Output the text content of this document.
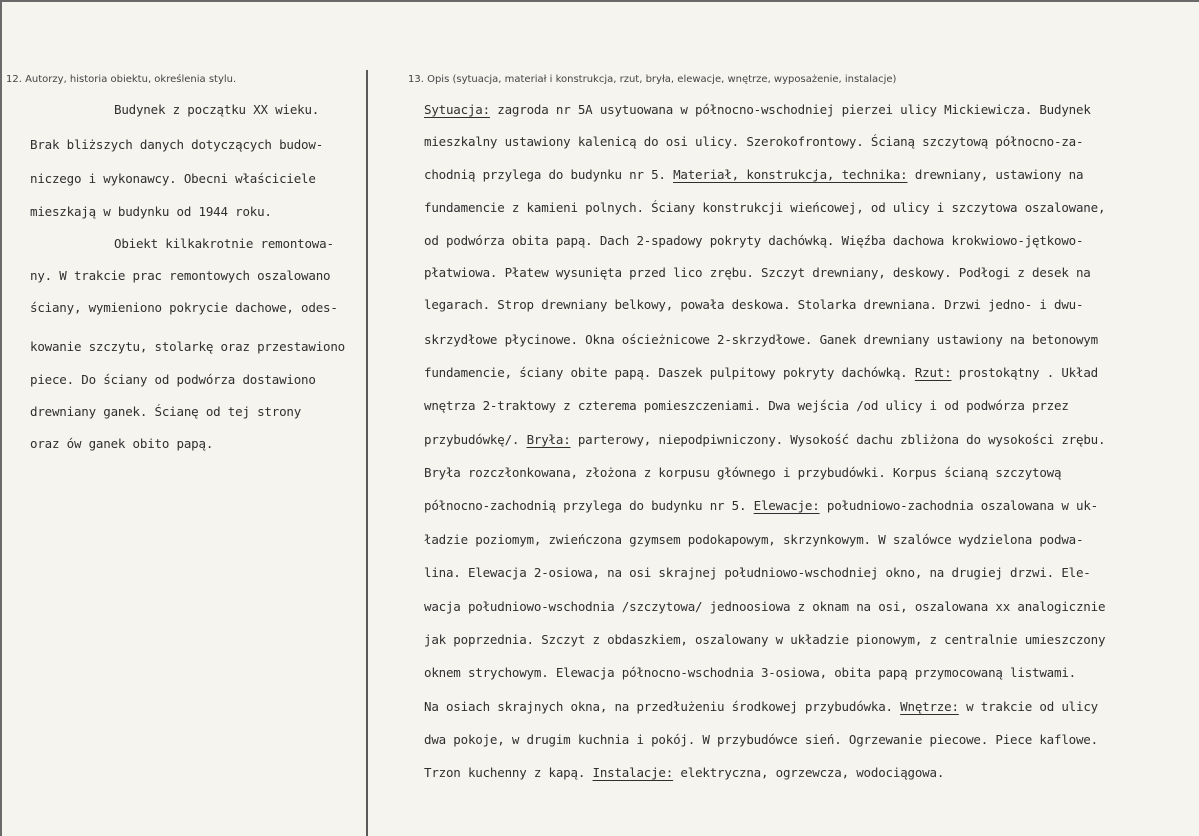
12. Autorzy, historia obiektu, określenia stylu.	13. Opis (sytuacja, materiał i konstrukcja, rzut, bryła, elewacje, wnętrze, wyposażenie, instalacje)
Budynek z początku XX wieku.
Brak bliższych danych dotyczących budow-
niczego i wykonawcy. Obecni właściciele
mieszkają w budynku od 1944 roku.
Obiekt kilkakrotnie remontowa-
ny. W trakcie prac remontowych oszalowano
ściany, wymieniono pokrycie dachowe, odes-
kowanie szczytu, stolarkę oraz przestawiono
piece. Do ściany od podwórza dostawiono
drewniany ganek. Ścianę od tej strony
oraz ów ganek obito papą.
Sytuacja: zagroda nr 5A usytuowana w północno-wschodniej pierzei ulicy Mickiewicza. Budynek
mieszkalny ustawiony kalenicą do osi ulicy. Szerokofrontowy. Ścianą szczytową północno-za-
chodnią przylega do budynku nr 5. Materiał, konstrukcja, technika: drewniany, ustawiony na
fundamencie z kamieni polnych. Ściany konstrukcji wieńcowej, od ulicy i szczytowa oszalowane,
od podwórza obita papą. Dach 2-spadowy pokryty dachówką. Więźba dachowa krokwiowo-jętkowo-
płatwiowa. Płatew wysunięta przed lico zrębu. Szczyt drewniany, deskowy. Podłogi z desek na
legarach. Strop drewniany belkowy, powała deskowa. Stolarka drewniana. Drzwi jedno- i dwu-
skrzydłowe płycinowe. Okna ościeżnicowe 2-skrzydłowe. Ganek drewniany ustawiony na betonowym
fundamencie, ściany obite papą. Daszek pulpitowy pokryty dachówką. Rzut: prostokątny . Układ
wnętrza 2-traktowy z czterema pomieszczeniami. Dwa wejścia /od ulicy i od podwórza przez
przybudówkę/. Bryła: parterowy, niepodpiwniczony. Wysokość dachu zbliżona do wysokości zrębu.
Bryła rozczłonkowana, złożona z korpusu głównego i przybudówki. Korpus ścianą szczytową
północno-zachodnią przylega do budynku nr 5. Elewacje: południowo-zachodnia oszalowana w uk-
ładzie poziomym, zwieńczona gzymsem podokapowym, skrzynkowym. W szalówce wydzielona podwa-
lina. Elewacja 2-osiowa, na osi skrajnej południowo-wschodniej okno, na drugiej drzwi. Ele-
wacja południowo-wschodnia /szczytowa/ jednoosiowa z oknam na osi, oszalowana xx analogicznie
jak poprzednia. Szczyt z obdaszkiem, oszalowany w układzie pionowym, z centralnie umieszczony
oknem strychowym. Elewacja północno-wschodnia 3-osiowa, obita papą przymocowaną listwami.
Na osiach skrajnych okna, na przedłużeniu środkowej przybudówka. Wnętrze: w trakcie od ulicy
dwa pokoje, w drugim kuchnia i pokój. W przybudówce sień. Ogrzewanie piecowe. Piece kaflowe.
Trzon kuchenny z kapą. Instalacje: elektryczna, ogrzewcza, wodociągowa.
